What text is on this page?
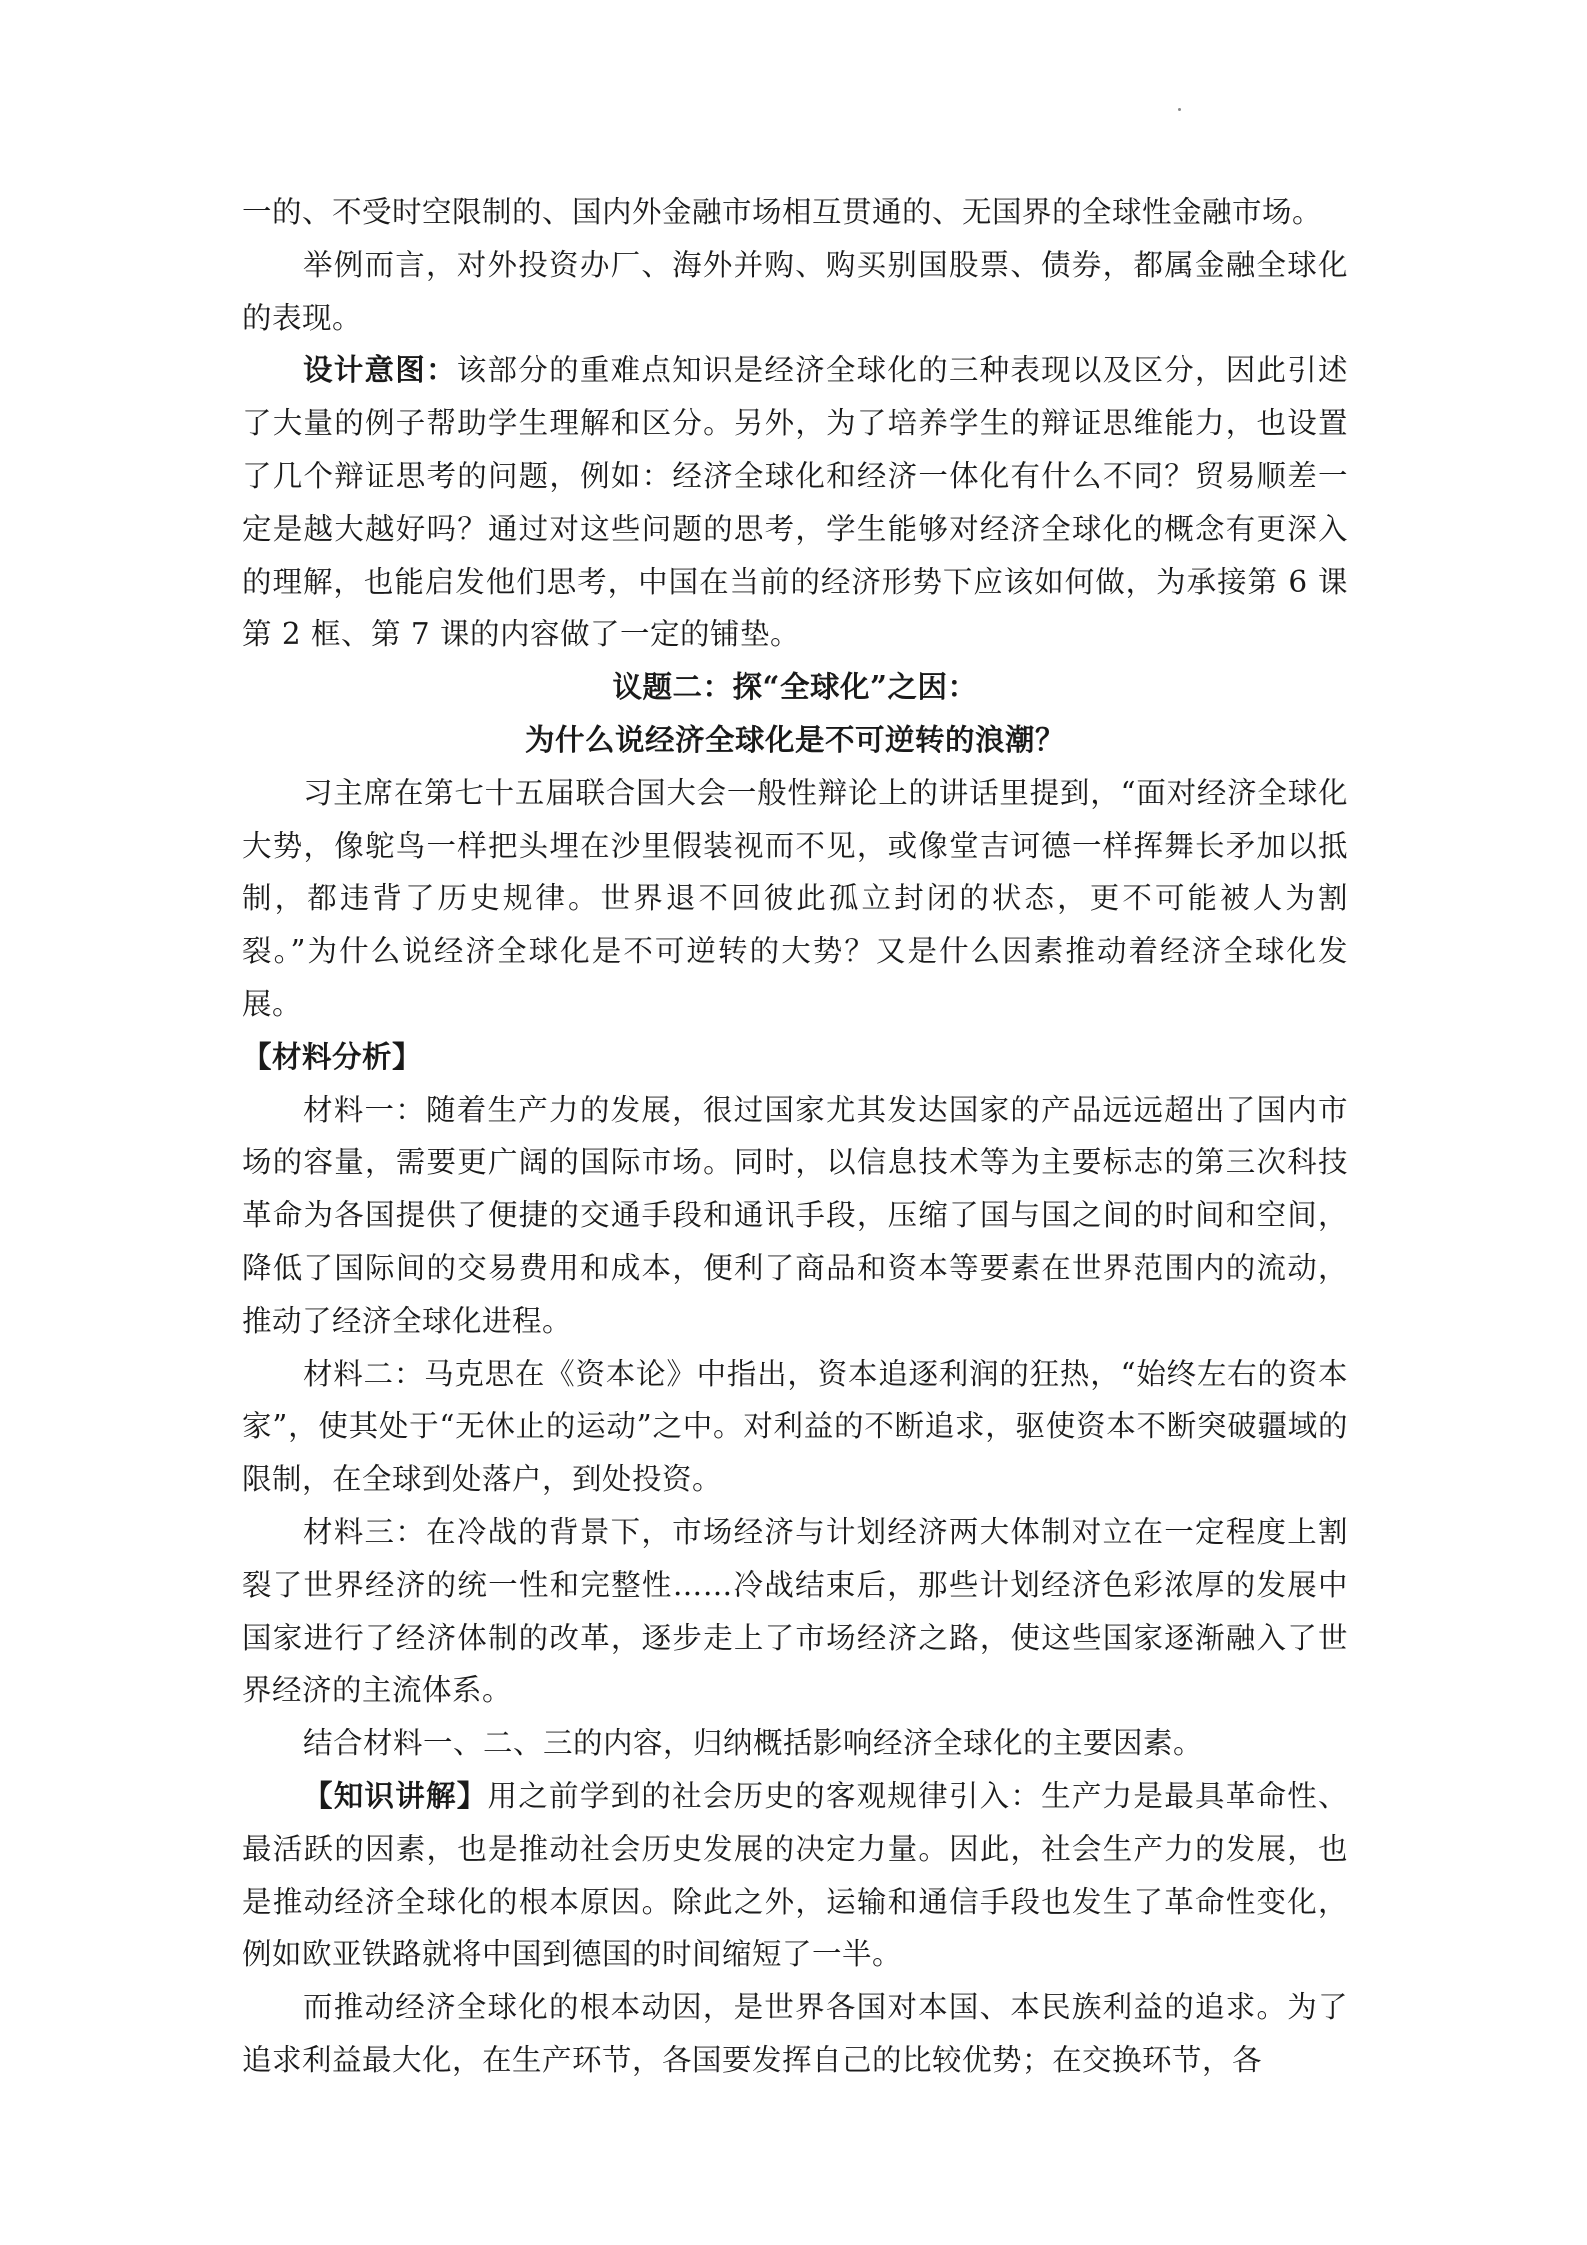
一的、不受时空限制的、国内外金融市场相互贯通的、无国界的全球性金融市场。

举例而言，对外投资办厂、海外并购、购买别国股票、债券，都属金融全球化的表现。

设计意图：该部分的重难点知识是经济全球化的三种表现以及区分，因此引述了大量的例子帮助学生理解和区分。另外，为了培养学生的辩证思维能力，也设置了几个辩证思考的问题，例如：经济全球化和经济一体化有什么不同？贸易顺差一定是越大越好吗？通过对这些问题的思考，学生能够对经济全球化的概念有更深入的理解，也能启发他们思考，中国在当前的经济形势下应该如何做，为承接第 6 课第 2 框、第 7 课的内容做了一定的铺垫。

议题二：探“全球化”之因：

为什么说经济全球化是不可逆转的浪潮？

习主席在第七十五届联合国大会一般性辩论上的讲话里提到，“面对经济全球化大势，像鸵鸟一样把头埋在沙里假装视而不见，或像堂吉诃德一样挥舞长矛加以抵制，都违背了历史规律。世界退不回彼此孤立封闭的状态，更不可能被人为割裂。”为什么说经济全球化是不可逆转的大势？又是什么因素推动着经济全球化发展。

【材料分析】

材料一：随着生产力的发展，很过国家尤其发达国家的产品远远超出了国内市场的容量，需要更广阔的国际市场。同时，以信息技术等为主要标志的第三次科技革命为各国提供了便捷的交通手段和通讯手段，压缩了国与国之间的时间和空间，降低了国际间的交易费用和成本，便利了商品和资本等要素在世界范围内的流动，推动了经济全球化进程。

材料二：马克思在《资本论》中指出，资本追逐利润的狂热，“始终左右的资本家”，使其处于“无休止的运动”之中。对利益的不断追求，驱使资本不断突破疆域的限制，在全球到处落户，到处投资。

材料三：在冷战的背景下，市场经济与计划经济两大体制对立在一定程度上割裂了世界经济的统一性和完整性……冷战结束后，那些计划经济色彩浓厚的发展中国家进行了经济体制的改革，逐步走上了市场经济之路，使这些国家逐渐融入了世界经济的主流体系。

结合材料一、二、三的内容，归纳概括影响经济全球化的主要因素。

【知识讲解】用之前学到的社会历史的客观规律引入：生产力是最具革命性、最活跃的因素，也是推动社会历史发展的决定力量。因此，社会生产力的发展，也是推动经济全球化的根本原因。除此之外，运输和通信手段也发生了革命性变化，例如欧亚铁路就将中国到德国的时间缩短了一半。

而推动经济全球化的根本动因，是世界各国对本国、本民族利益的追求。为了追求利益最大化，在生产环节，各国要发挥自己的比较优势；在交换环节，各
